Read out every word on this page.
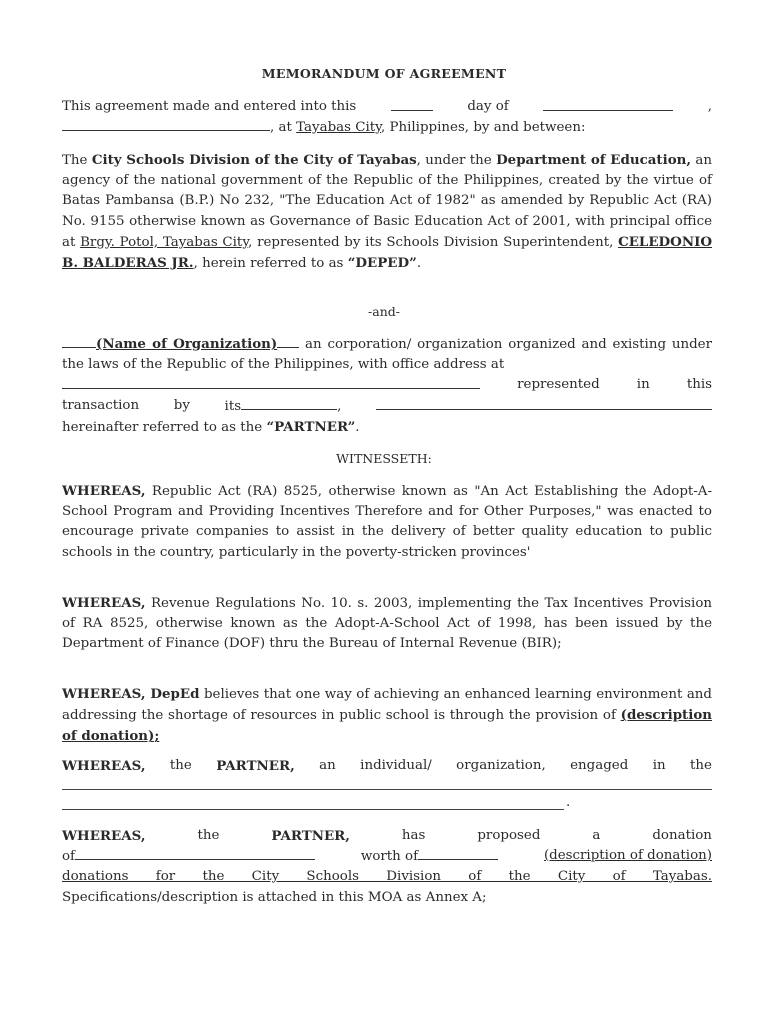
MEMORANDUM OF AGREEMENT
This agreement made and entered into this	day of	,
, at Tayabas City, Philippines, by and between:
The City Schools Division of the City of Tayabas, under the Department of Education, an agency of the national government of the Republic of the Philippines, created by the virtue of Batas Pambansa (B.P.) No 232, "The Education Act of 1982" as amended by Republic Act (RA) No. 9155 otherwise known as Governance of Basic Education Act of 2001, with principal office at Brgy. Potol, Tayabas City, represented by its Schools Division Superintendent, CELEDONIO B. BALDERAS JR., herein referred to as “DEPED”.
-and-
(Name of Organization) an corporation/ organization organized and existing under the laws of the Republic of the Philippines, with office address at
represented	in	this
transaction	by	its	,
hereinafter referred to as the “PARTNER”.
WITNESSETH:
WHEREAS, Republic Act (RA) 8525, otherwise known as "An Act Establishing the Adopt-A-School Program and Providing Incentives Therefore and for Other Purposes," was enacted to encourage private companies to assist in the delivery of better quality education to public schools in the country, particularly in the poverty-stricken provinces'
WHEREAS, Revenue Regulations No. 10. s. 2003, implementing the Tax Incentives Provision of RA 8525, otherwise known as the Adopt-A-School Act of 1998, has been issued by the Department of Finance (DOF) thru the Bureau of Internal Revenue (BIR);
WHEREAS, DepEd believes that one way of achieving an enhanced learning environment and addressing the shortage of resources in public school is through the provision of (description of donation);
WHEREAS, the PARTNER, an individual/ organization, engaged in the
.
WHEREAS,	the	PARTNER,	has	proposed	a	donation
of	worth of	(description of donation)
donations for the City Schools Division of the City of Tayabas.
Specifications/description is attached in this MOA as Annex A;
